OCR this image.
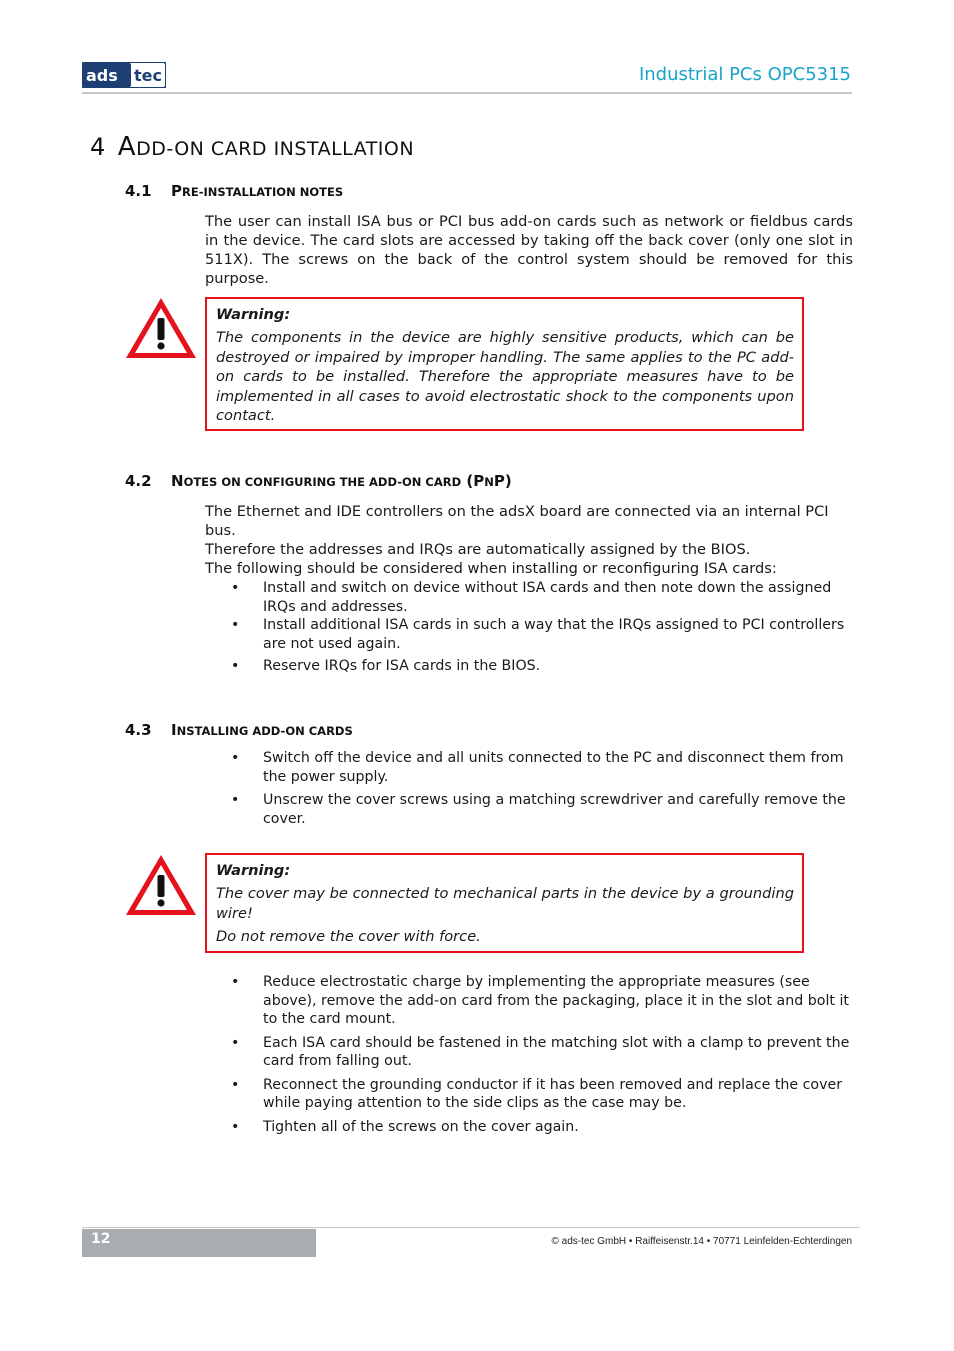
ads tec	Industrial PCs OPC5315
4 ADD-ON CARD INSTALLATION
4.1 PRE-INSTALLATION NOTES

The user can install ISA bus or PCI bus add-on cards such as network or fieldbus cards in the device. The card slots are accessed by taking off the back cover (only one slot in 511X). The screws on the back of the control system should be removed for this purpose.

Warning:

The components in the device are highly sensitive products, which can be destroyed or impaired by improper handling. The same applies to the PC add-on cards to be installed. Therefore the appropriate measures have to be implemented in all cases to avoid electrostatic shock to the components upon contact.

4.2 NOTES ON CONFIGURING THE ADD-ON CARD (PNP)

The Ethernet and IDE controllers on the adsX board are connected via an internal PCI bus.

Therefore the addresses and IRQs are automatically assigned by the BIOS.

The following should be considered when installing or reconfiguring ISA cards:

• Install and switch on device without ISA cards and then note down the assigned IRQs and addresses.
• Install additional ISA cards in such a way that the IRQs assigned to PCI controllers are not used again.
• Reserve IRQs for ISA cards in the BIOS.
4.3 INSTALLING ADD-ON CARDS
• Switch off the device and all units connected to the PC and disconnect them from the power supply.
• Unscrew the cover screws using a matching screwdriver and carefully remove the cover.
Warning:

The cover may be connected to mechanical parts in the device by a grounding wire!

Do not remove the cover with force.

• Reduce electrostatic charge by implementing the appropriate measures (see above), remove the add-on card from the packaging, place it in the slot and bolt it to the card mount.
• Each ISA card should be fastened in the matching slot with a clamp to prevent the card from falling out.
• Reconnect the grounding conductor if it has been removed and replace the cover while paying attention to the side clips as the case may be.
• Tighten all of the screws on the cover again.
12	© ads-tec GmbH • Raiffeisenstr.14 • 70771 Leinfelden-Echterdingen
